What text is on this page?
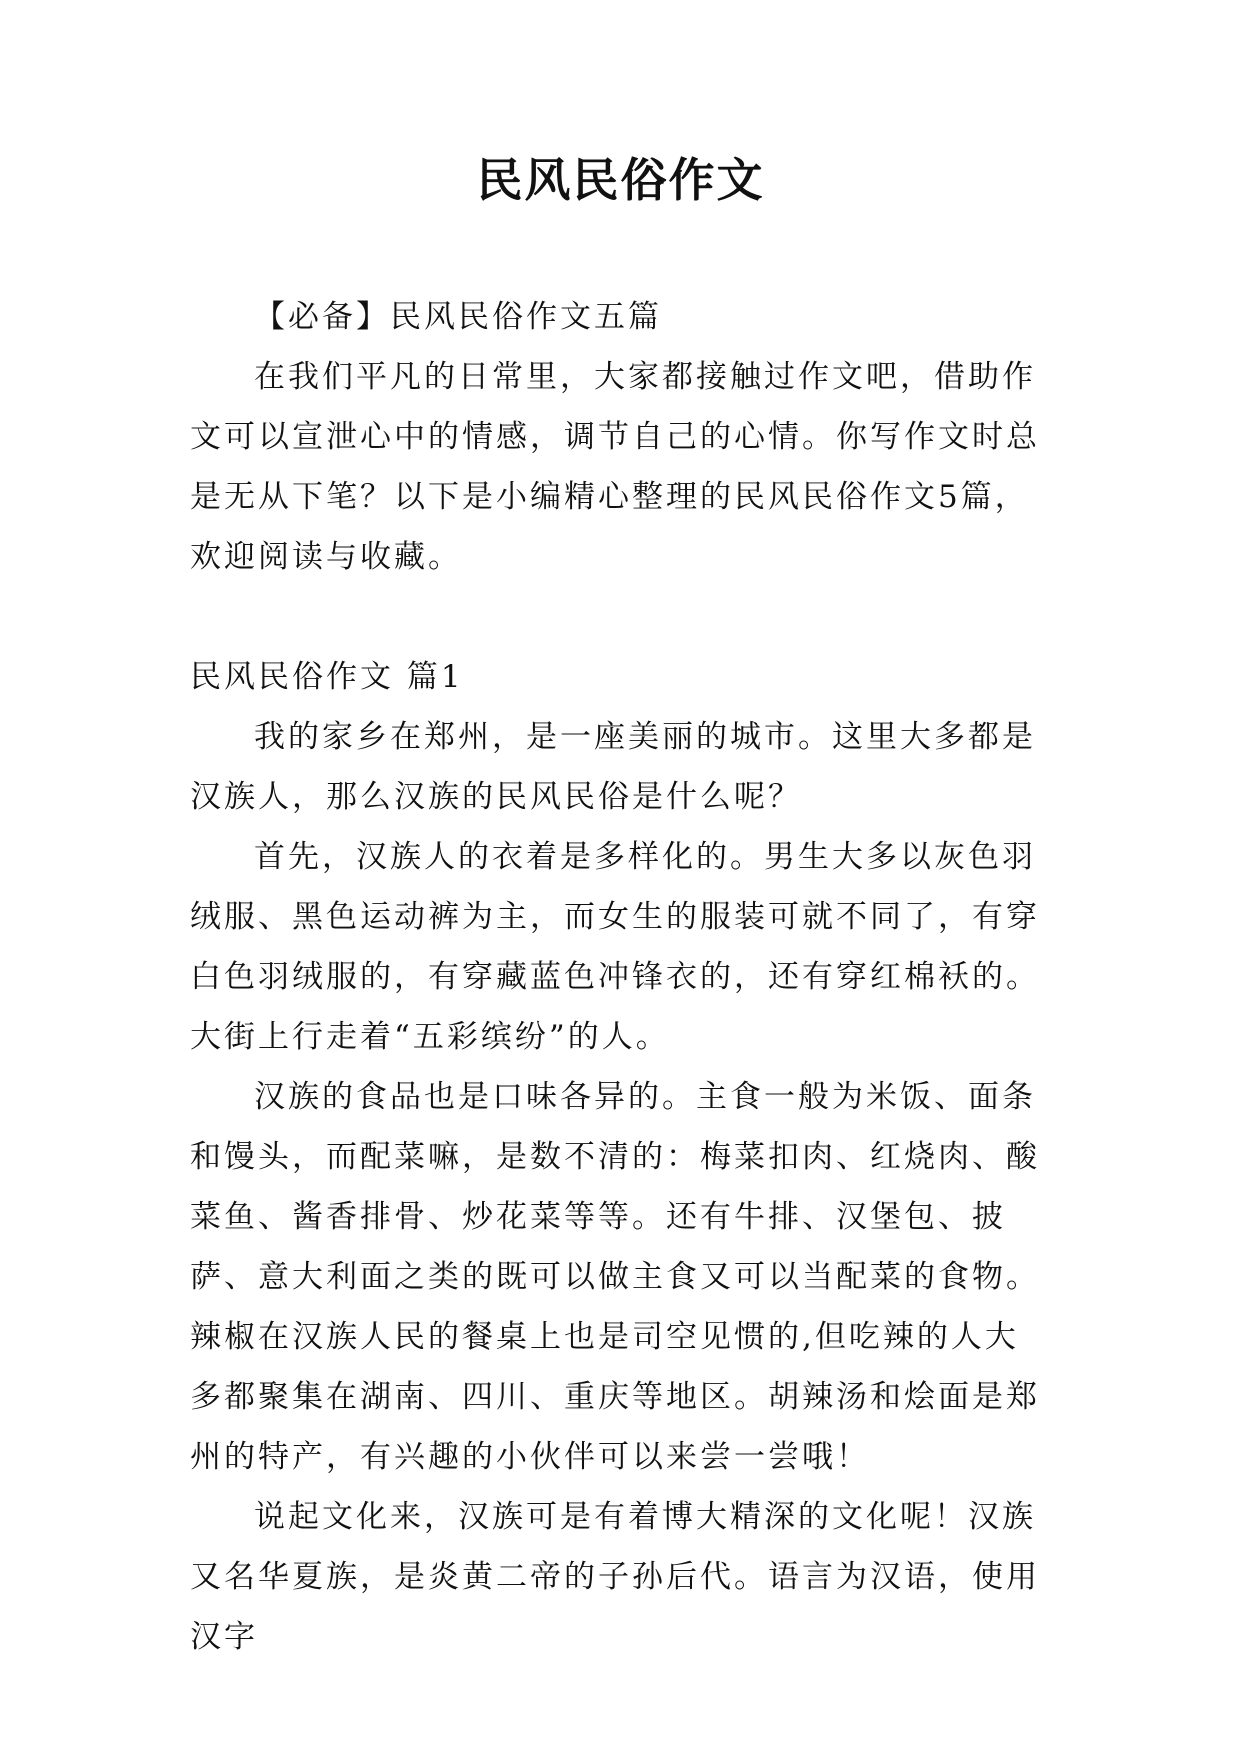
民风民俗作文

【必备】民风民俗作文五篇

在我们平凡的日常里，大家都接触过作文吧，借助作文可以宣泄心中的情感，调节自己的心情。你写作文时总是无从下笔？以下是小编精心整理的民风民俗作文5篇，欢迎阅读与收藏。

民风民俗作文 篇1

我的家乡在郑州，是一座美丽的城市。这里大多都是汉族人，那么汉族的民风民俗是什么呢？

首先，汉族人的衣着是多样化的。男生大多以灰色羽绒服、黑色运动裤为主，而女生的服装可就不同了，有穿白色羽绒服的，有穿藏蓝色冲锋衣的，还有穿红棉袄的。大街上行走着“五彩缤纷”的人。

汉族的食品也是口味各异的。主食一般为米饭、面条和馒头，而配菜嘛，是数不清的：梅菜扣肉、红烧肉、酸菜鱼、酱香排骨、炒花菜等等。还有牛排、汉堡包、披萨、意大利面之类的既可以做主食又可以当配菜的食物。辣椒在汉族人民的餐桌上也是司空见惯的,但吃辣的人大多都聚集在湖南、四川、重庆等地区。胡辣汤和烩面是郑州的特产，有兴趣的小伙伴可以来尝一尝哦！

说起文化来，汉族可是有着博大精深的文化呢！汉族又名华夏族，是炎黄二帝的子孙后代。语言为汉语，使用汉字
